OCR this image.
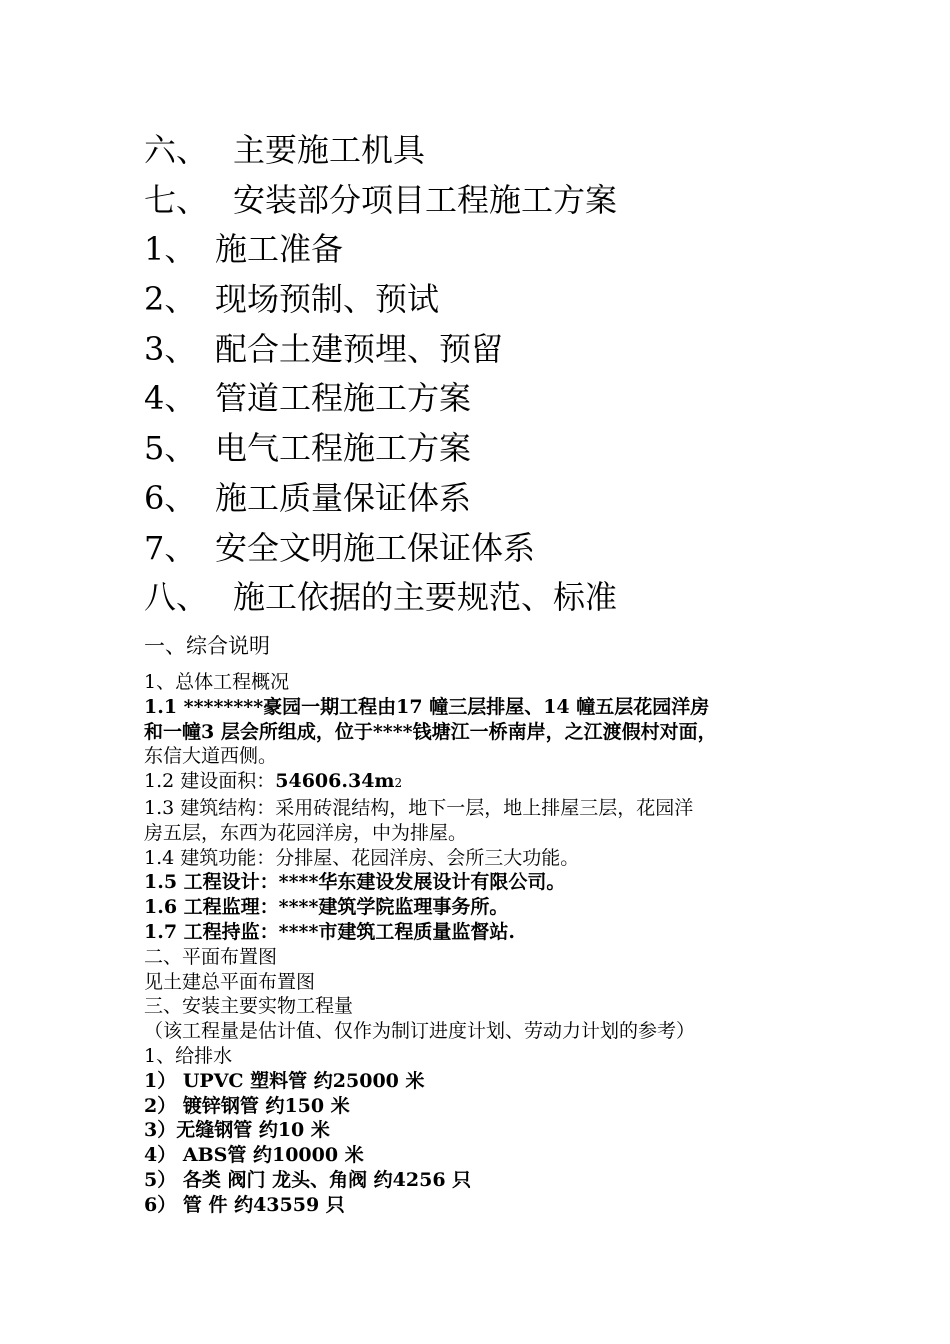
六、 主要施工机具
七、 安装部分项目工程施工方案
1、 施工准备
2、 现场预制、预试
3、 配合土建预埋、预留
4、 管道工程施工方案
5、 电气工程施工方案
6、 施工质量保证体系
7、 安全文明施工保证体系
八、 施工依据的主要规范、标准
一、综合说明

1、总体工程概况

1.1 ********豪园一期工程由17 幢三层排屋、14 幢五层花园洋房

和一幢3 层会所组成，位于****钱塘江一桥南岸，之江渡假村对面，

东信大道西侧。

1.2 建设面积：54606.34m2

1.3 建筑结构：采用砖混结构，地下一层，地上排屋三层，花园洋

房五层，东西为花园洋房，中为排屋。

1.4 建筑功能：分排屋、花园洋房、会所三大功能。

1.5 工程设计：****华东建设发展设计有限公司。

1.6 工程监理：****建筑学院监理事务所。

1.7 工程持监：****市建筑工程质量监督站.

二、平面布置图

见土建总平面布置图

三、安装主要实物工程量

（该工程量是估计值、仅作为制订进度计划、劳动力计划的参考）

1、给排水

1） UPVC 塑料管 约25000 米

2） 镀锌钢管 约150 米

3）无缝钢管 约10 米

4） ABS管 约10000 米

5） 各类 阀门 龙头、角阀 约4256 只

6） 管 件 约43559 只
